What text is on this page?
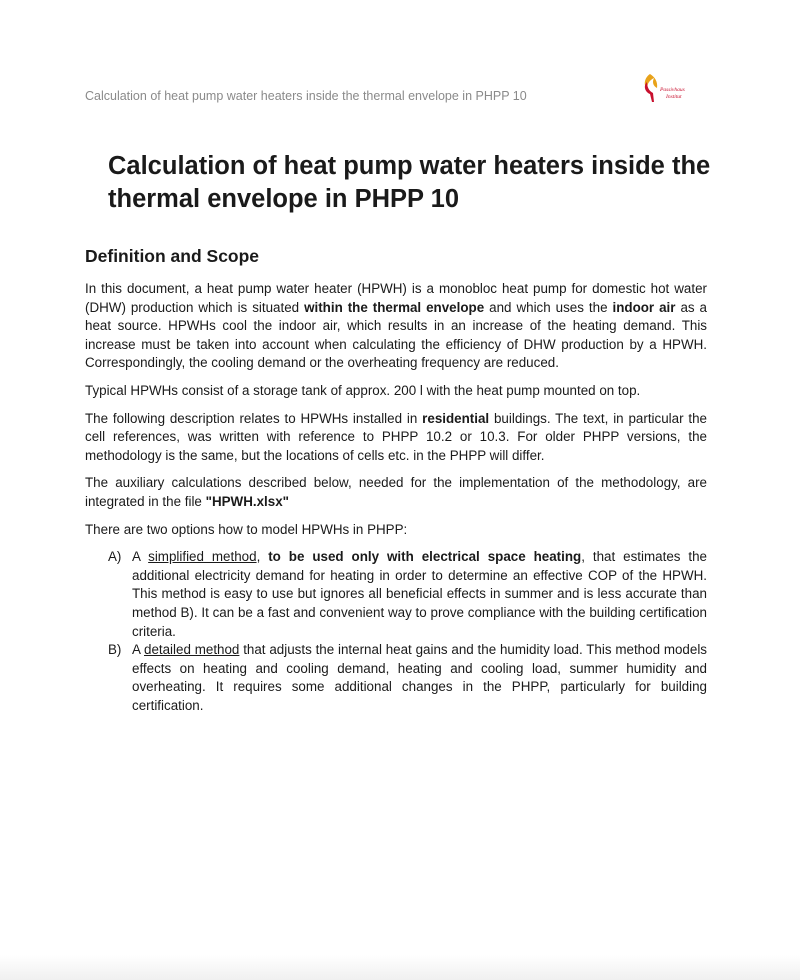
Calculation of heat pump water heaters inside the thermal envelope in PHPP 10	Passivhaus
Institut
Calculation of heat pump water heaters inside the thermal envelope in PHPP 10
Definition and Scope

In this document, a heat pump water heater (HPWH) is a monobloc heat pump for domestic hot water (DHW) production which is situated within the thermal envelope and which uses the indoor air as a heat source. HPWHs cool the indoor air, which results in an increase of the heating demand. This increase must be taken into account when calculating the efficiency of DHW production by a HPWH. Correspondingly, the cooling demand or the overheating frequency are reduced.

Typical HPWHs consist of a storage tank of approx. 200 l with the heat pump mounted on top.

The following description relates to HPWHs installed in residential buildings. The text, in particular the cell references, was written with reference to PHPP 10.2 or 10.3. For older PHPP versions, the methodology is the same, but the locations of cells etc. in the PHPP will differ.

The auxiliary calculations described below, needed for the implementation of the methodology, are integrated in the file "HPWH.xlsx"

There are two options how to model HPWHs in PHPP:

A) A simplified method, to be used only with electrical space heating, that estimates the additional electricity demand for heating in order to determine an effective COP of the HPWH. This method is easy to use but ignores all beneficial effects in summer and is less accurate than method B). It can be a fast and convenient way to prove compliance with the building certification criteria.
B) A detailed method that adjusts the internal heat gains and the humidity load. This method models effects on heating and cooling demand, heating and cooling load, summer humidity and overheating. It requires some additional changes in the PHPP, particularly for building certification.
